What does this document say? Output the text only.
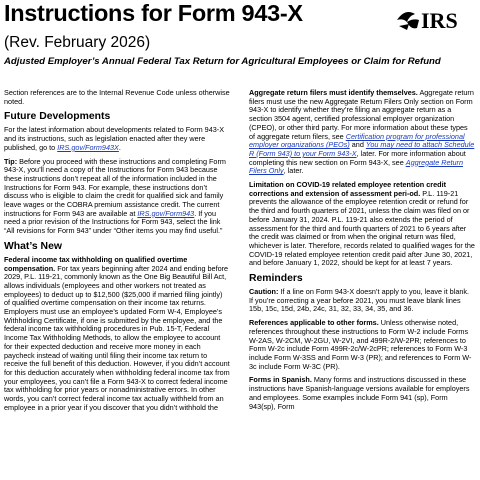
Instructions for Form 943-X	IRS
(Rev. February 2026)
Adjusted Employer’s Annual Federal Tax Return for Agricultural Employees or Claim for Refund

Section references are to the Internal Revenue Code unless otherwise noted.

Future Developments

For the latest information about developments related to Form 943-X and its instructions, such as legislation enacted after they were published, go to IRS.gov/Form943X.

Tip: Before you proceed with these instructions and completing Form 943-X, you’ll need a copy of the Instructions for Form 943 because these instructions don’t repeat all of the information included in the Instructions for Form 943. For example, these instructions don’t discuss who is eligible to claim the credit for qualified sick and family leave wages or the COBRA premium assistance credit. The current instructions for Form 943 are available at IRS.gov/Form943. If you need a prior revision of the Instructions for Form 943, select the link “All revisions for Form 943” under “Other items you may find useful.”

What’s New

Federal income tax withholding on qualified overtime compensation. For tax years beginning after 2024 and ending before 2029, P.L. 119-21, commonly known as the One Big Beautiful Bill Act, allows individuals (employees and other workers not treated as employees) to deduct up to $12,500 ($25,000 if married filing jointly) of qualified overtime compensation on their income tax returns. Employers must use an employee’s updated Form W-4, Employee’s Withholding Certificate, if one is submitted by the employee, and the federal income tax withholding procedures in Pub. 15-T, Federal Income Tax Withholding Methods, to allow the employee to account for their expected deduction and receive more money in each paycheck instead of waiting until filing their income tax return to receive the full benefit of this deduction. However, if you didn’t account for this deduction accurately when withholding federal income tax from your employees, you can’t file a Form 943-X to correct federal income tax withholding for prior years or nonadministrative errors. In other words, you can’t correct federal income tax actually withheld from an employee in a prior year if you discover that you didn’t withhold the

Aggregate return filers must identify themselves. Aggregate return filers must use the new Aggregate Return Filers Only section on Form 943-X to identify whether they’re filing an aggregate return as a section 3504 agent, certified professional employer organization (CPEO), or other third party. For more information about these types of aggregate return filers, see Certification program for professional employer organizations (PEOs) and You may need to attach Schedule R (Form 943) to your Form 943-X, later. For more information about completing this new section on Form 943-X, see Aggregate Return Filers Only, later.

Limitation on COVID-19 related employee retention credit corrections and extension of assessment peri-od. P.L. 119-21 prevents the allowance of the employee retention credit or refund for the third and fourth quarters of 2021, unless the claim was filed on or before January 31, 2024. P.L. 119-21 also extends the period of assessment for the third and fourth quarters of 2021 to 6 years after the credit was claimed or from when the original return was filed, whichever is later. Therefore, records related to qualified wages for the COVID-19 related employee retention credit paid after June 30, 2021, and before January 1, 2022, should be kept for at least 7 years.

Reminders

Caution: If a line on Form 943-X doesn’t apply to you, leave it blank. If you’re correcting a year before 2021, you must leave blank lines 15b, 15c, 15d, 24b, 24c, 31, 32, 33, 34, 35, and 36.

References applicable to other forms. Unless otherwise noted, references throughout these instructions to Form W-2 include Forms W-2AS, W-2CM, W-2GU, W-2VI, and 499R-2/W-2PR; references to Form W-2c include Form 499R-2c/W-2cPR; references to Form W-3 include Form W-3SS and Form W-3 (PR); and references to Form W-3c include Form W-3C (PR).

Forms in Spanish. Many forms and instructions discussed in these instructions have Spanish-language versions available for employers and employees. Some examples include Form 941 (sp), Form 943(sp), Form
